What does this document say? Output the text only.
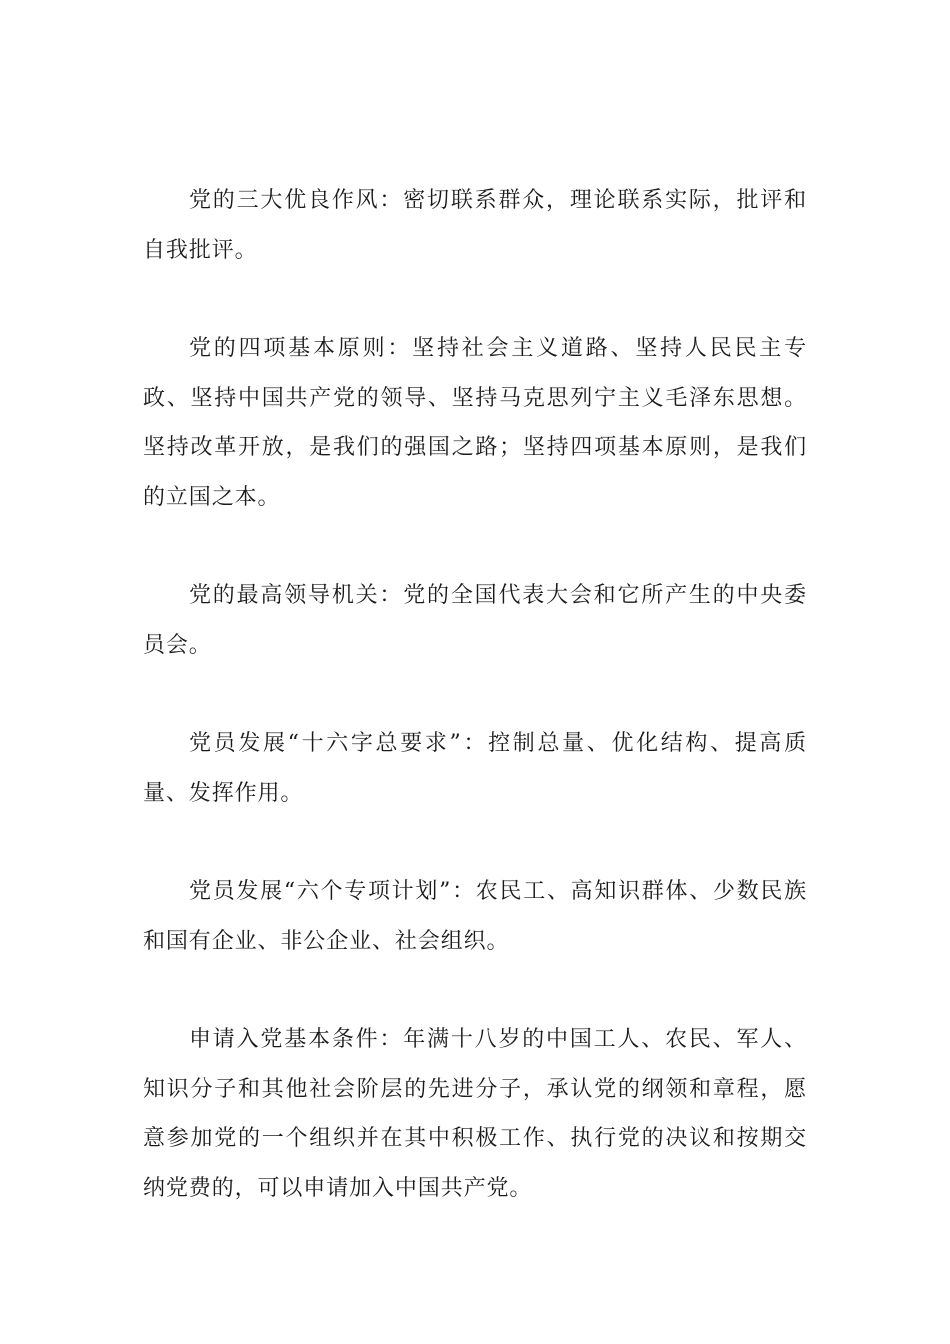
党的三大优良作风：密切联系群众，理论联系实际，批评和自我批评。

党的四项基本原则：坚持社会主义道路、坚持人民民主专政、坚持中国共产党的领导、坚持马克思列宁主义毛泽东思想。坚持改革开放，是我们的强国之路；坚持四项基本原则，是我们的立国之本。

党的最高领导机关：党的全国代表大会和它所产生的中央委员会。

党员发展“十六字总要求”：控制总量、优化结构、提高质量、发挥作用。

党员发展“六个专项计划”：农民工、高知识群体、少数民族和国有企业、非公企业、社会组织。

申请入党基本条件：年满十八岁的中国工人、农民、军人、知识分子和其他社会阶层的先进分子，承认党的纲领和章程，愿意参加党的一个组织并在其中积极工作、执行党的决议和按期交纳党费的，可以申请加入中国共产党。
